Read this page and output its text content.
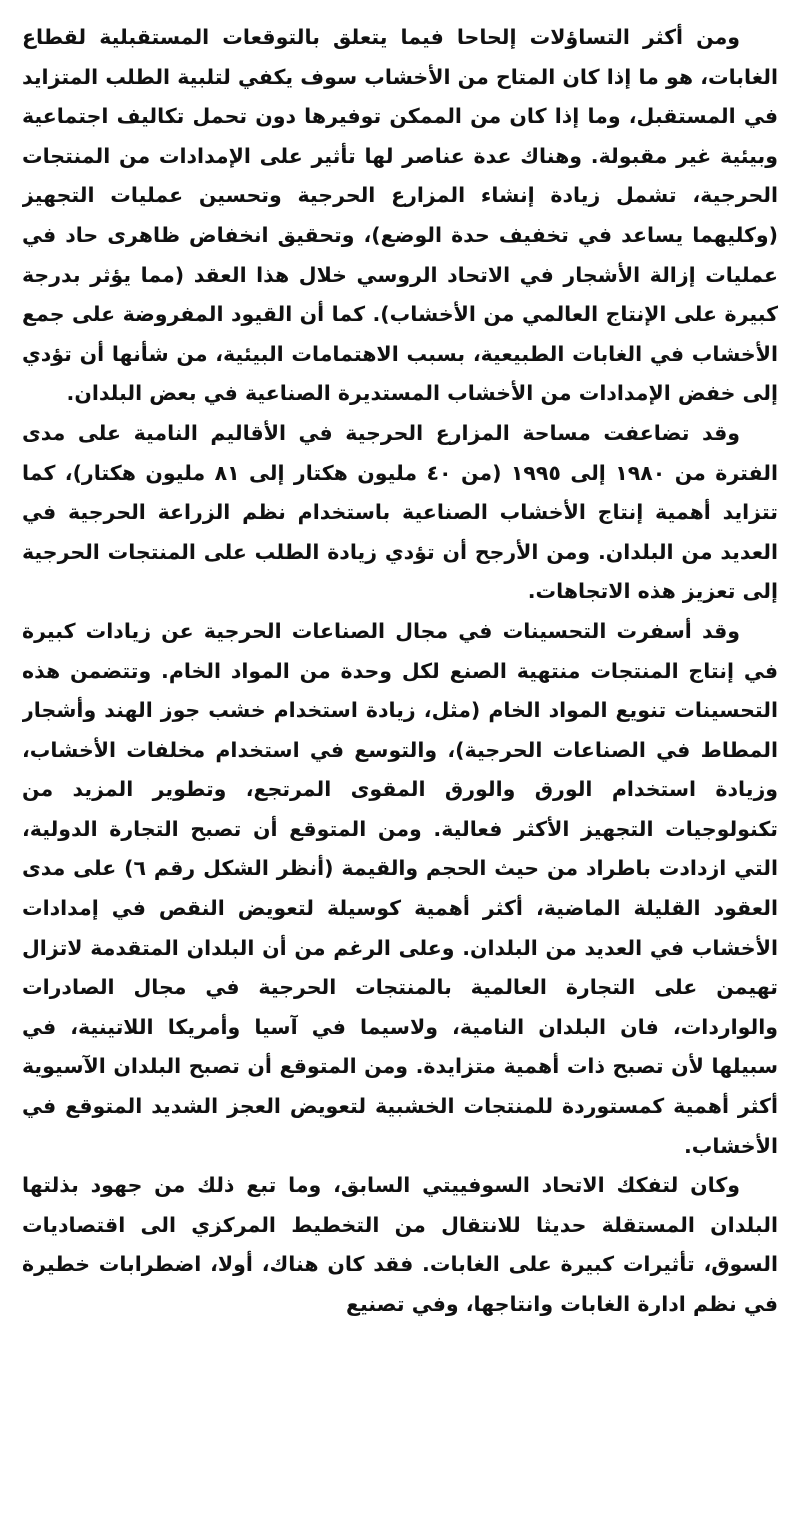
ومن أكثر التساؤلات إلحاحا فيما يتعلق بالتوقعات المستقبلية لقطاع الغابات، هو ما إذا كان المتاح من الأخشاب سوف يكفي لتلبية الطلب المتزايد في المستقبل، وما إذا كان من الممكن توفيرها دون تحمل تكاليف اجتماعية وبيئية غير مقبولة. وهناك عدة عناصر لها تأثير على الإمدادات من المنتجات الحرجية، تشمل زيادة إنشاء المزارع الحرجية وتحسين عمليات التجهيز (وكليهما يساعد في تخفيف حدة الوضع)، وتحقيق انخفاض ظاهرى حاد في عمليات إزالة الأشجار في الاتحاد الروسي خلال هذا العقد (مما يؤثر بدرجة كبيرة على الإنتاج العالمي من الأخشاب). كما أن القيود المفروضة على جمع الأخشاب في الغابات الطبيعية، بسبب الاهتمامات البيئية، من شأنها أن تؤدي إلى خفض الإمدادات من الأخشاب المستديرة الصناعية في بعض البلدان.

وقد تضاعفت مساحة المزارع الحرجية في الأقاليم النامية على مدى الفترة من ١٩٨٠ إلى ١٩٩٥ (من ٤٠ مليون هكتار إلى ٨١ مليون هكتار)، كما تتزايد أهمية إنتاج الأخشاب الصناعية باستخدام نظم الزراعة الحرجية في العديد من البلدان. ومن الأرجح أن تؤدي زيادة الطلب على المنتجات الحرجية إلى تعزيز هذه الاتجاهات.

وقد أسفرت التحسينات في مجال الصناعات الحرجية عن زيادات كبيرة في إنتاج المنتجات منتهية الصنع لكل وحدة من المواد الخام. وتتضمن هذه التحسينات تنويع المواد الخام (مثل، زيادة استخدام خشب جوز الهند وأشجار المطاط في الصناعات الحرجية)، والتوسع في استخدام مخلفات الأخشاب، وزيادة استخدام الورق والورق المقوى المرتجع، وتطوير المزيد من تكنولوجيات التجهيز الأكثر فعالية. ومن المتوقع أن تصبح التجارة الدولية، التي ازدادت باطراد من حيث الحجم والقيمة (أنظر الشكل رقم ٦) على مدى العقود القليلة الماضية، أكثر أهمية كوسيلة لتعويض النقص في إمدادات الأخشاب في العديد من البلدان. وعلى الرغم من أن البلدان المتقدمة لاتزال تهيمن على التجارة العالمية بالمنتجات الحرجية في مجال الصادرات والواردات، فان البلدان النامية، ولاسيما في آسيا وأمريكا اللاتينية، في سبيلها لأن تصبح ذات أهمية متزايدة. ومن المتوقع أن تصبح البلدان الآسيوية أكثر أهمية كمستوردة للمنتجات الخشبية لتعويض العجز الشديد المتوقع في الأخشاب.

وكان لتفكك الاتحاد السوفييتي السابق، وما تبع ذلك من جهود بذلتها البلدان المستقلة حديثا للانتقال من التخطيط المركزي الى اقتصاديات السوق، تأثيرات كبيرة على الغابات. فقد كان هناك، أولا، اضطرابات خطيرة في نظم ادارة الغابات وانتاجها، وفي تصنيع
